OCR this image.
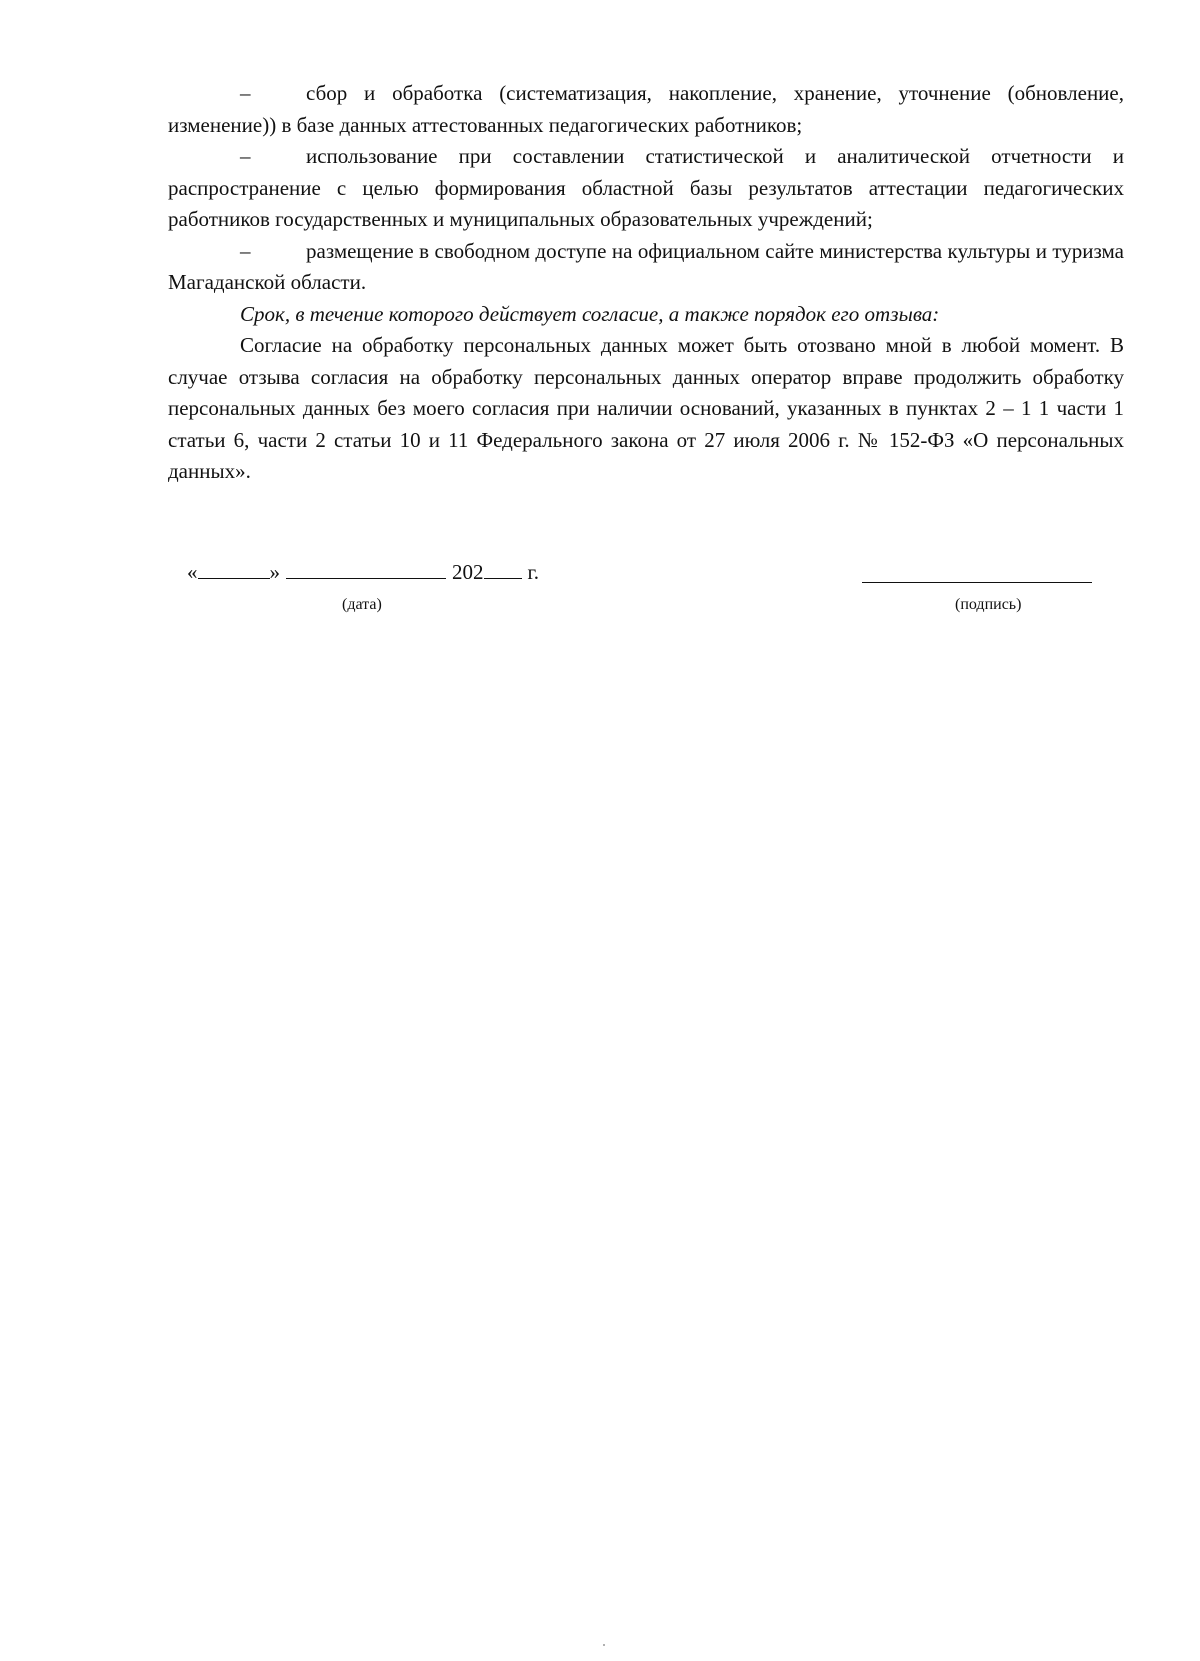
–	сбор и обработка (систематизация, накопление, хранение, уточнение (обновление, изменение)) в базе данных аттестованных педагогических работников;
–	использование при составлении статистической и аналитической отчетности и распространение с целью формирования областной базы результатов аттестации педагогических работников государственных и муниципальных образовательных учреждений;
–	размещение в свободном доступе на официальном сайте министерства культуры и туризма Магаданской области.
Срок, в течение которого действует согласие, а также порядок его отзыва:
Согласие на обработку персональных данных может быть отозвано мной в любой момент. В случае отзыва согласия на обработку персональных данных оператор вправе продолжить обработку персональных данных без моего согласия при наличии оснований, указанных в пунктах 2 – 1 1 части 1 статьи 6, части 2 статьи 10 и 11 Федерального закона от 27 июля 2006 г. № 152-ФЗ «О персональных данных».
«	»	202 г.
(дата)	(подпись)
